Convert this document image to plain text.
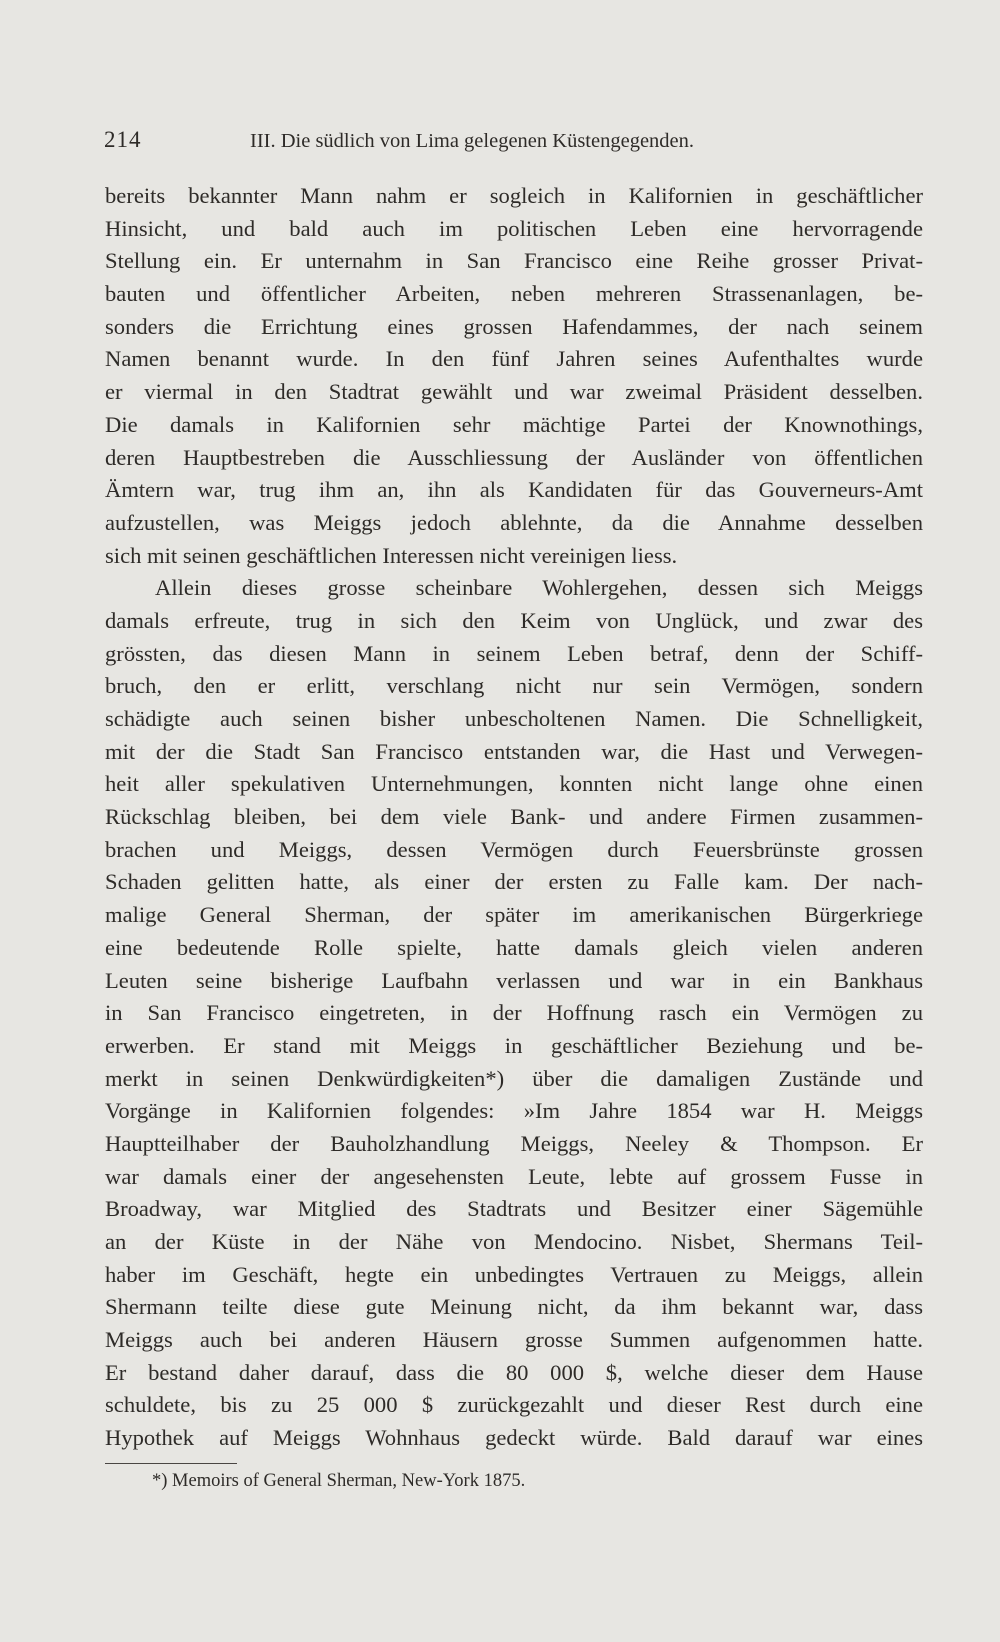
214	III. Die südlich von Lima gelegenen Küstengegenden.
bereits bekannter Mann nahm er sogleich in Kalifornien in geschäftlicher
Hinsicht, und bald auch im politischen Leben eine hervorragende
Stellung ein. Er unternahm in San Francisco eine Reihe grosser Privat-
bauten und öffentlicher Arbeiten, neben mehreren Strassenanlagen, be-
sonders die Errichtung eines grossen Hafendammes, der nach seinem
Namen benannt wurde. In den fünf Jahren seines Aufenthaltes wurde
er viermal in den Stadtrat gewählt und war zweimal Präsident desselben.
Die damals in Kalifornien sehr mächtige Partei der Knownothings,
deren Hauptbestreben die Ausschliessung der Ausländer von öffentlichen
Ämtern war, trug ihm an, ihn als Kandidaten für das Gouverneurs-Amt
aufzustellen, was Meiggs jedoch ablehnte, da die Annahme desselben
sich mit seinen geschäftlichen Interessen nicht vereinigen liess.
Allein dieses grosse scheinbare Wohlergehen, dessen sich Meiggs
damals erfreute, trug in sich den Keim von Unglück, und zwar des
grössten, das diesen Mann in seinem Leben betraf, denn der Schiff-
bruch, den er erlitt, verschlang nicht nur sein Vermögen, sondern
schädigte auch seinen bisher unbescholtenen Namen. Die Schnelligkeit,
mit der die Stadt San Francisco entstanden war, die Hast und Verwegen-
heit aller spekulativen Unternehmungen, konnten nicht lange ohne einen
Rückschlag bleiben, bei dem viele Bank- und andere Firmen zusammen-
brachen und Meiggs, dessen Vermögen durch Feuersbrünste grossen
Schaden gelitten hatte, als einer der ersten zu Falle kam. Der nach-
malige General Sherman, der später im amerikanischen Bürgerkriege
eine bedeutende Rolle spielte, hatte damals gleich vielen anderen
Leuten seine bisherige Laufbahn verlassen und war in ein Bankhaus
in San Francisco eingetreten, in der Hoffnung rasch ein Vermögen zu
erwerben. Er stand mit Meiggs in geschäftlicher Beziehung und be-
merkt in seinen Denkwürdigkeiten*) über die damaligen Zustände und
Vorgänge in Kalifornien folgendes: »Im Jahre 1854 war H. Meiggs
Hauptteilhaber der Bauholzhandlung Meiggs, Neeley & Thompson. Er
war damals einer der angesehensten Leute, lebte auf grossem Fusse in
Broadway, war Mitglied des Stadtrats und Besitzer einer Sägemühle
an der Küste in der Nähe von Mendocino. Nisbet, Shermans Teil-
haber im Geschäft, hegte ein unbedingtes Vertrauen zu Meiggs, allein
Shermann teilte diese gute Meinung nicht, da ihm bekannt war, dass
Meiggs auch bei anderen Häusern grosse Summen aufgenommen hatte.
Er bestand daher darauf, dass die 80 000 $, welche dieser dem Hause
schuldete, bis zu 25 000 $ zurückgezahlt und dieser Rest durch eine
Hypothek auf Meiggs Wohnhaus gedeckt würde. Bald darauf war eines
*) Memoirs of General Sherman, New-York 1875.
